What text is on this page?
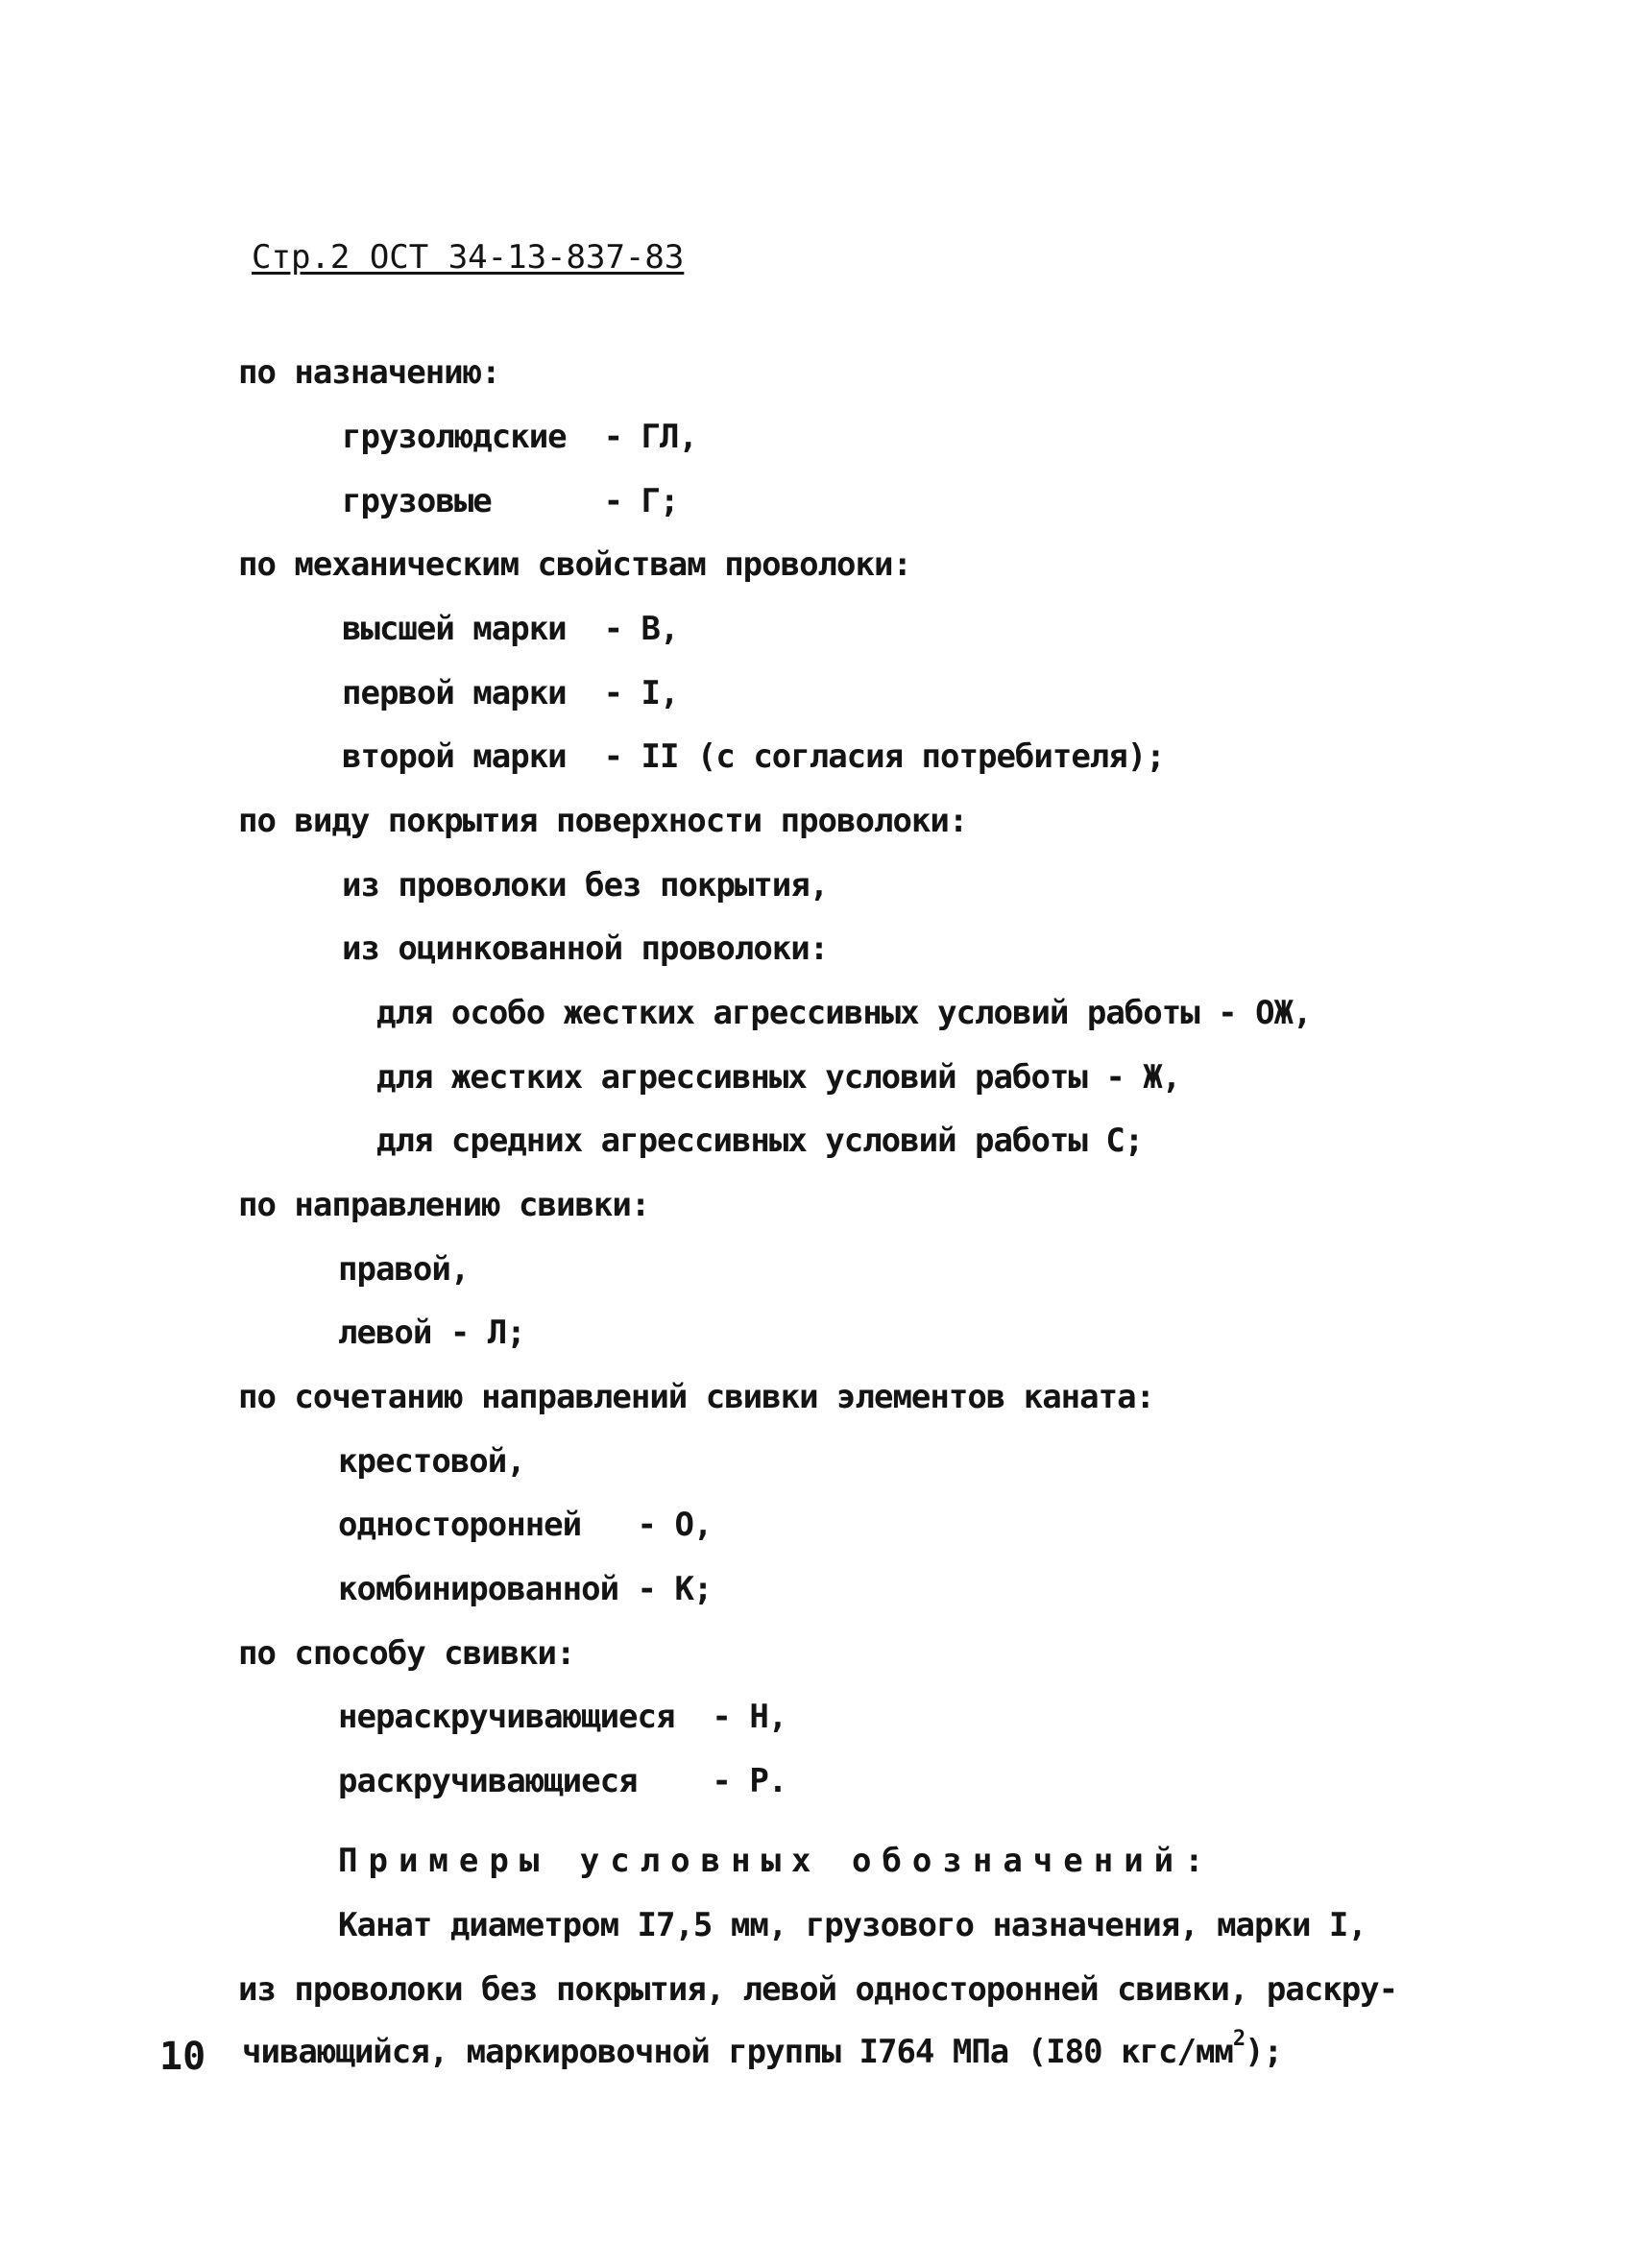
Стр.2 ОСТ 34-13-837-83
по назначению:
грузолюдские  - ГЛ,
грузовые      - Г;
по механическим свойствам проволоки:
высшей марки  - В,
первой марки  - I,
второй марки  - II (с согласия потребителя);
по виду покрытия поверхности проволоки:
из проволоки без покрытия,
из оцинкованной проволоки:
для особо жестких агрессивных условий работы - ОЖ,
для жестких агрессивных условий работы - Ж,
для средних агрессивных условий работы С;
по направлению свивки:
правой,
левой - Л;
по сочетанию направлений свивки элементов каната:
крестовой,
односторонней   - О,
комбинированной - К;
по способу свивки:
нераскручивающиеся  - Н,
раскручивающиеся    - Р.
Примеры условных обозначений:
Канат диаметром I7,5 мм, грузового назначения, марки I,
из проволоки без покрытия, левой односторонней свивки, раскру-
10 чивающийся, маркировочной группы I764 МПа (I80 кгс/$мм^2$);
